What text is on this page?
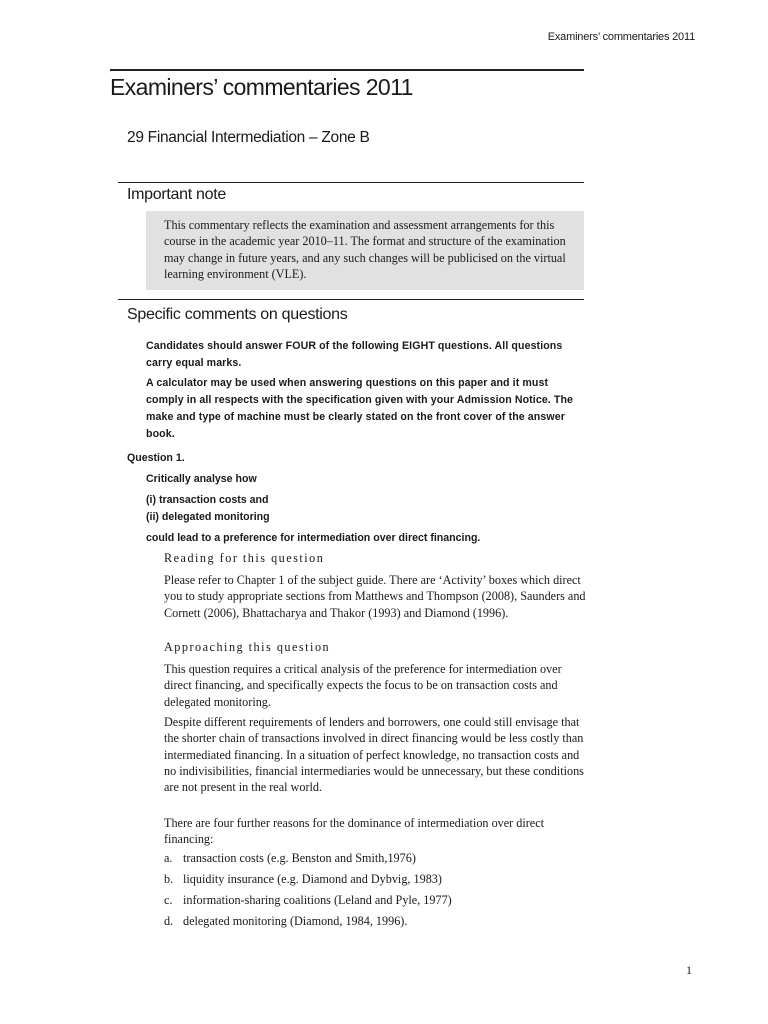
Examiners’ commentaries 2011
Examiners’ commentaries 2011
29 Financial Intermediation – Zone B
Important note

This commentary reflects the examination and assessment arrangements for this course in the academic year 2010–11. The format and structure of the examination may change in future years, and any such changes will be publicised on the virtual learning environment (VLE).

Specific comments on questions

Candidates should answer FOUR of the following EIGHT questions. All questions carry equal marks.

A calculator may be used when answering questions on this paper and it must comply in all respects with the specification given with your Admission Notice. The make and type of machine must be clearly stated on the front cover of the answer book.

Question 1.

Critically analyse how

(i) transaction costs and

(ii) delegated monitoring

could lead to a preference for intermediation over direct financing.

Reading for this question

Please refer to Chapter 1 of the subject guide. There are ‘Activity’ boxes which direct you to study appropriate sections from Matthews and Thompson (2008), Saunders and Cornett (2006), Bhattacharya and Thakor (1993) and Diamond (1996).

Approaching this question

This question requires a critical analysis of the preference for intermediation over direct financing, and specifically expects the focus to be on transaction costs and delegated monitoring.

Despite different requirements of lenders and borrowers, one could still envisage that the shorter chain of transactions involved in direct financing would be less costly than intermediated financing. In a situation of perfect knowledge, no transaction costs and no indivisibilities, financial intermediaries would be unnecessary, but these conditions are not present in the real world.

There are four further reasons for the dominance of intermediation over direct financing:

a. transaction costs (e.g. Benston and Smith,1976)

b. liquidity insurance (e.g. Diamond and Dybvig, 1983)

c. information-sharing coalitions (Leland and Pyle, 1977)

d. delegated monitoring (Diamond, 1984, 1996).

1
